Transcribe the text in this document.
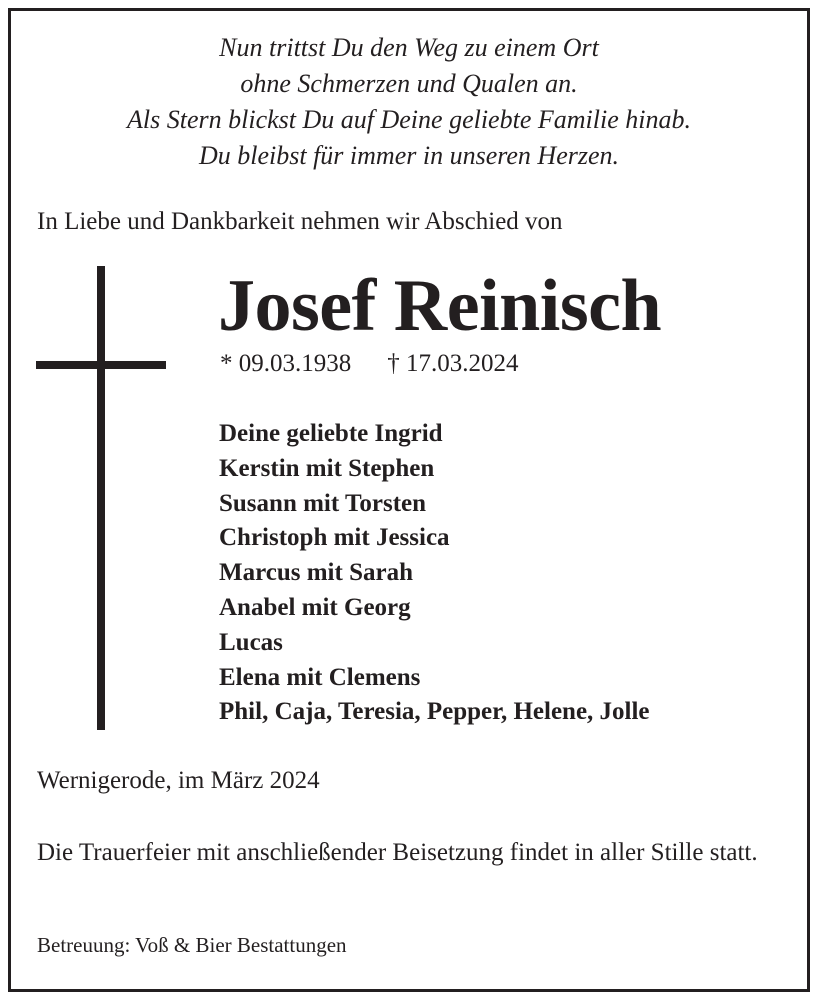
Nun trittst Du den Weg zu einem Ort
ohne Schmerzen und Qualen an.
Als Stern blickst Du auf Deine geliebte Familie hinab.
Du bleibst für immer in unseren Herzen.
In Liebe und Dankbarkeit nehmen wir Abschied von
Josef Reinisch
* 09.03.1938 † 17.03.2024
Deine geliebte Ingrid
Kerstin mit Stephen
Susann mit Torsten
Christoph mit Jessica
Marcus mit Sarah
Anabel mit Georg
Lucas
Elena mit Clemens
Phil, Caja, Teresia, Pepper, Helene, Jolle
Wernigerode, im März 2024
Die Trauerfeier mit anschließender Beisetzung findet in aller Stille statt.
Betreuung: Voß & Bier Bestattungen
